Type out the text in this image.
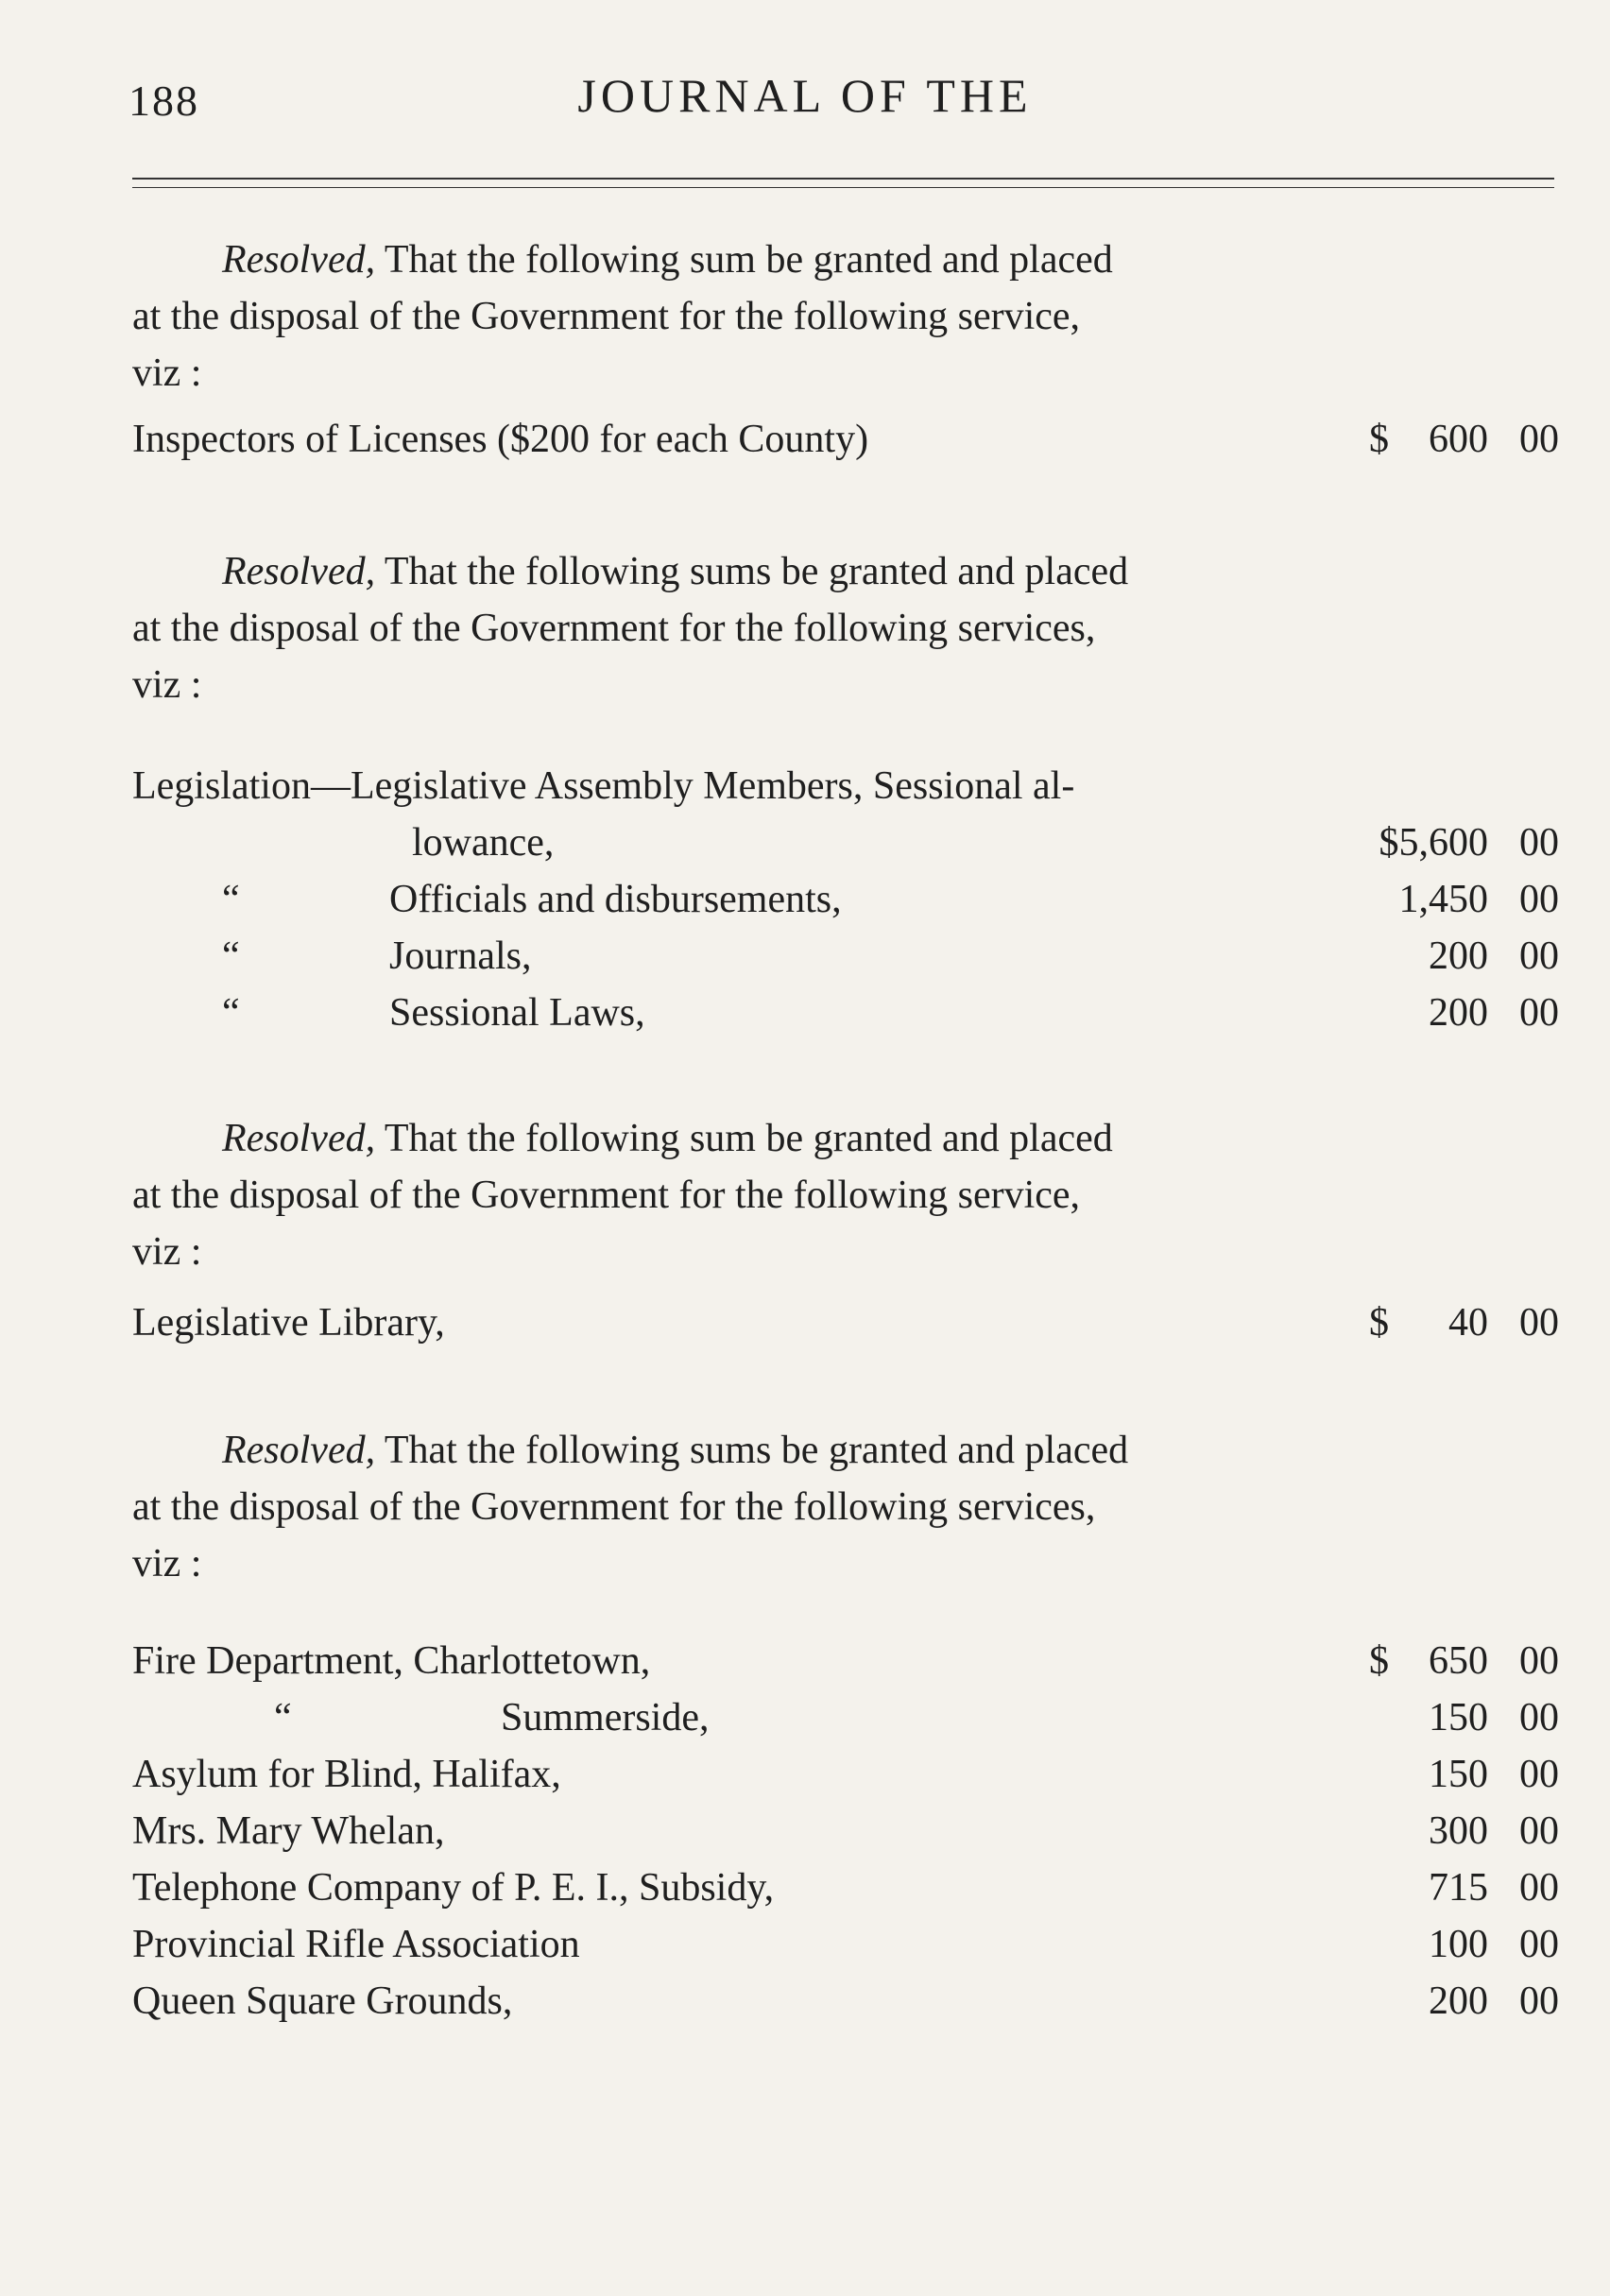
188	JOURNAL OF THE
Resolved, That the following sum be granted and placed
at the disposal of the Government for the following service,
viz :
Inspectors of Licenses ($200 for each County)	$ 600 00
Resolved, That the following sums be granted and placed
at the disposal of the Government for the following services,
viz :
Legislation—Legislative Assembly Members, Sessional al-
lowance,	$5,600 00
“	Officials and disbursements,	1,450 00
“	Journals,	200 00
“	Sessional Laws,	200 00
Resolved, That the following sum be granted and placed
at the disposal of the Government for the following service,
viz :
Legislative Library,	$ 40 00
Resolved, That the following sums be granted and placed
at the disposal of the Government for the following services,
viz :
Fire Department, Charlottetown,	$ 650 00
“	Summerside,	150 00
Asylum for Blind, Halifax,	150 00
Mrs. Mary Whelan,	300 00
Telephone Company of P. E. I., Subsidy,	715 00
Provincial Rifle Association	100 00
Queen Square Grounds,	200 00
